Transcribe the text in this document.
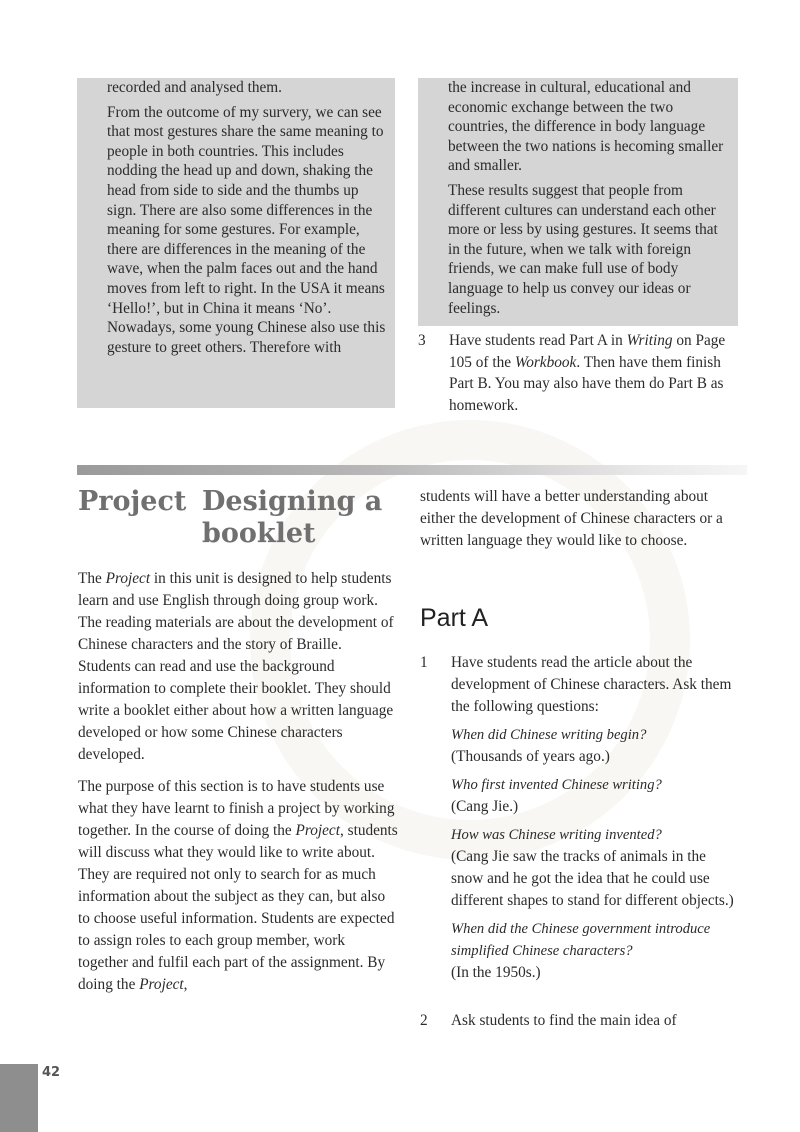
recorded and analysed them.

From the outcome of my survery, we can see that most gestures share the same meaning to people in both countries. This includes nodding the head up and down, shaking the head from side to side and the thumbs up sign. There are also some differences in the meaning for some gestures. For example, there are differences in the meaning of the wave, when the palm faces out and the hand moves from left to right. In the USA it means ‘Hello!’, but in China it means ‘No’. Nowadays, some young Chinese also use this gesture to greet others. Therefore with

the increase in cultural, educational and economic exchange between the two countries, the difference in body language between the two nations is hecoming smaller and smaller.

These results suggest that people from different cultures can understand each other more or less by using gestures. It seems that in the future, when we talk with foreign friends, we can make full use of body language to help us convey our ideas or feelings.

3 Have students read Part A in Writing on Page 105 of the Workbook. Then have them finish Part B. You may also have them do Part B as homework.
Project Designing a booklet

The Project in this unit is designed to help students learn and use English through doing group work. The reading materials are about the development of Chinese characters and the story of Braille. Students can read and use the background information to complete their booklet. They should write a booklet either about how a written language developed or how some Chinese characters developed.

The purpose of this section is to have students use what they have learnt to finish a project by working together. In the course of doing the Project, students will discuss what they would like to write about. They are required not only to search for as much information about the subject as they can, but also to choose useful information. Students are expected to assign roles to each group member, work together and fulfil each part of the assignment. By doing the Project,

students will have a better understanding about either the development of Chinese characters or a written language they would like to choose.
Part A
1 Have students read the article about the development of Chinese characters. Ask them the following questions:
When did Chinese writing begin?
(Thousands of years ago.)
Who first invented Chinese writing?
(Cang Jie.)
How was Chinese writing invented?
(Cang Jie saw the tracks of animals in the snow and he got the idea that he could use different shapes to stand for different objects.)
When did the Chinese government introduce simplified Chinese characters?
(In the 1950s.)
2 Ask students to find the main idea of
42
